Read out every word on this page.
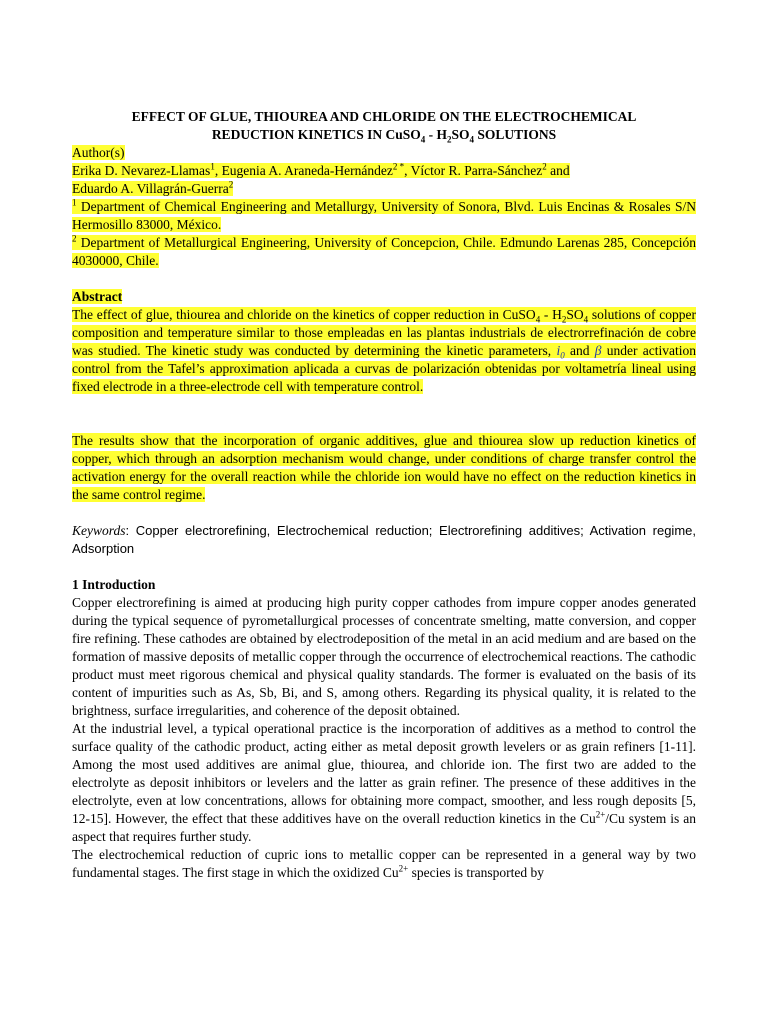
EFFECT OF GLUE, THIOUREA AND CHLORIDE ON THE ELECTROCHEMICAL
REDUCTION KINETICS IN CuSO$_4$ - $H_2SO_4$ SOLUTIONS

Author(s)

Erika D. Nevarez-Llamas$^1$, Eugenia A. Araneda-Hernández$^{2 *}$, Víctor R. Parra-Sánchez$^2$ and
Eduardo A. Villagrán-Guerra$^2$

$^1$ Department of Chemical Engineering and Metallurgy, University of Sonora, Blvd. Luis Encinas & Rosales S/N Hermosillo 83000, México.

$^2$ Department of Metallurgical Engineering, University of Concepcion, Chile. Edmundo Larenas 285, Concepción 4030000, Chile.

Abstract

The effect of glue, thiourea and chloride on the kinetics of copper reduction in CuSO$_4$ - $H_2SO_4$ solutions of copper composition and temperature similar to those empleadas en las plantas industrials de electrorrefinación de cobre was studied. The kinetic study was conducted by determining the kinetic parameters, $i_0$ and β under activation control from the Tafel’s approximation aplicada a curvas de polarización obtenidas por voltametría lineal using fixed electrode in a three-electrode cell with temperature control.

The results show that the incorporation of organic additives, glue and thiourea slow up reduction kinetics of copper, which through an adsorption mechanism would change, under conditions of charge transfer control the activation energy for the overall reaction while the chloride ion would have no effect on the reduction kinetics in the same control regime.

Keywords: Copper electrorefining, Electrochemical reduction; Electrorefining additives; Activation regime, Adsorption

1 Introduction

Copper electrorefining is aimed at producing high purity copper cathodes from impure copper anodes generated during the typical sequence of pyrometallurgical processes of concentrate smelting, matte conversion, and copper fire refining. These cathodes are obtained by electrodeposition of the metal in an acid medium and are based on the formation of massive deposits of metallic copper through the occurrence of electrochemical reactions. The cathodic product must meet rigorous chemical and physical quality standards. The former is evaluated on the basis of its content of impurities such as As, Sb, Bi, and S, among others. Regarding its physical quality, it is related to the brightness, surface irregularities, and coherence of the deposit obtained.

At the industrial level, a typical operational practice is the incorporation of additives as a method to control the surface quality of the cathodic product, acting either as metal deposit growth levelers or as grain refiners [1-11]. Among the most used additives are animal glue, thiourea, and chloride ion. The first two are added to the electrolyte as deposit inhibitors or levelers and the latter as grain refiner. The presence of these additives in the electrolyte, even at low concentrations, allows for obtaining more compact, smoother, and less rough deposits [5, 12-15]. However, the effect that these additives have on the overall reduction kinetics in the $Cu^{2+}/Cu$ system is an aspect that requires further study.

The electrochemical reduction of cupric ions to metallic copper can be represented in a general way by two fundamental stages. The first stage in which the oxidized $Cu^{2+}$ species is transported by
